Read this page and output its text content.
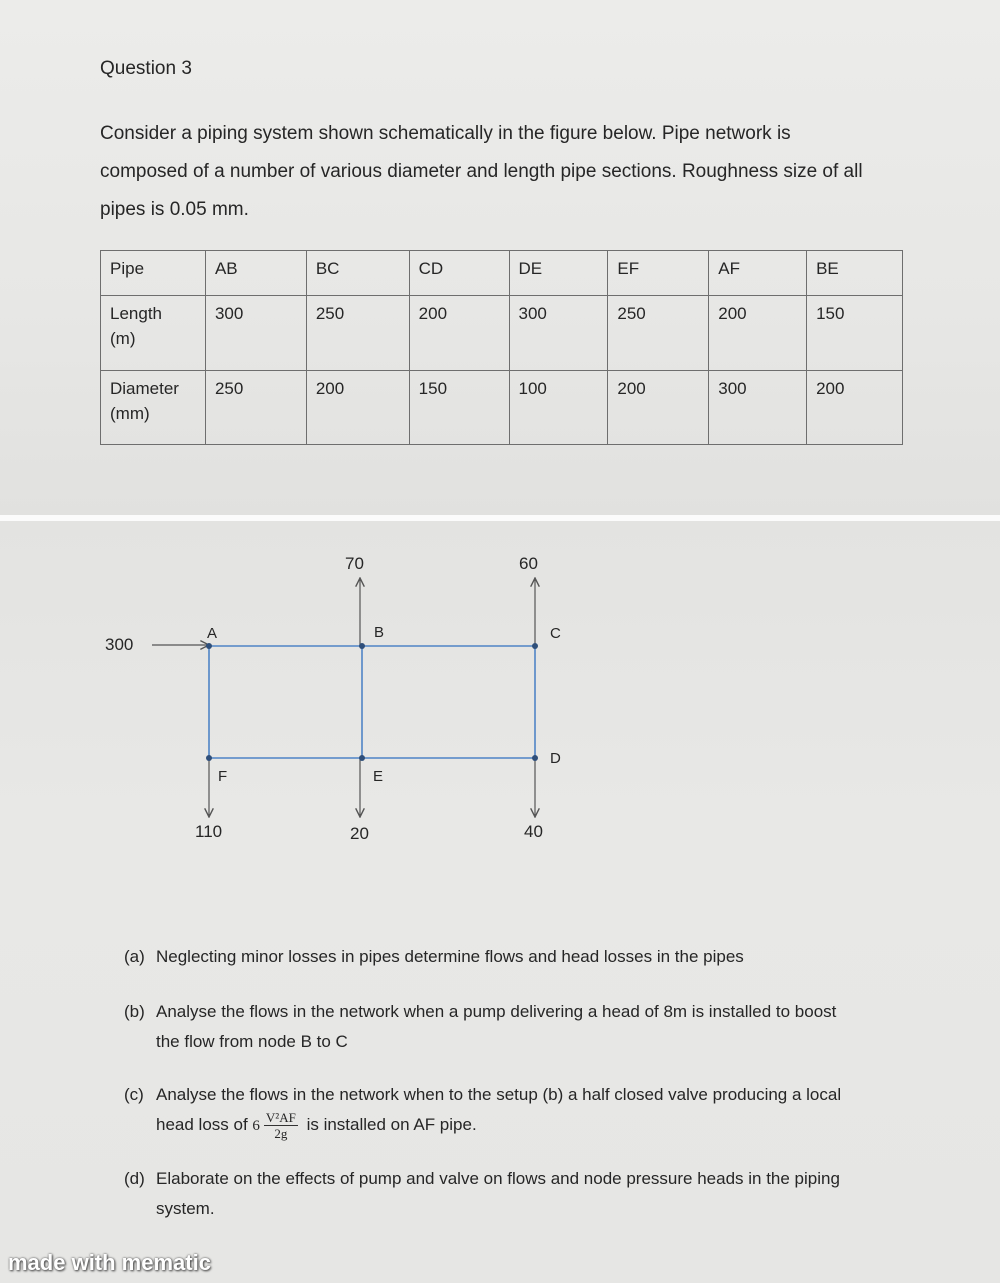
Question 3
Consider a piping system shown schematically in the figure below. Pipe network is
composed of a number of various diameter and length pipe sections. Roughness size of all
pipes is 0.05 mm.
Pipe	AB	BC	CD	DE	EF	AF	BE

Length
(m)	300	250	200	300	250	200	150

Diameter
(mm)	250	200	150	100	200	300	200
A	B	C
D
E
F
300
70	60
110	20	40
(a) Neglecting minor losses in pipes determine flows and head losses in the pipes
(b) Analyse the flows in the network when a pump delivering a head of 8m is installed to boost
the flow from node B to C
(c) Analyse the flows in the network when to the setup (b) a half closed valve producing a local
head loss of $6 \frac{\text{V²AF}}{2g}$ is installed on AF pipe.
(d) Elaborate on the effects of pump and valve on flows and node pressure heads in the piping
system.
made with mematic
